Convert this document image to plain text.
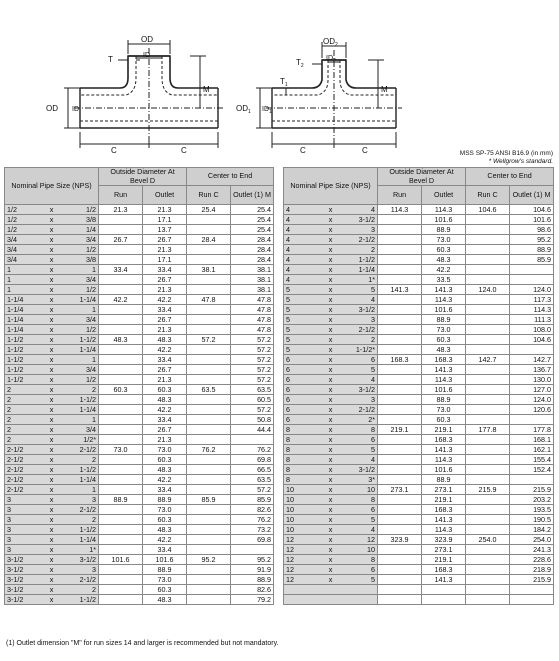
OD
ID
T
M
C	C
OD ID
$OD_2$
$ID_2$
$T_2$
$T_1$	M
C	C
$OD_1$ $ID_1$
MSS SP-75 ANSI B16.9 (in mm)
* Wellgrow's standard.
Nominal Pipe Size (NPS)			Outside Diameter At Bevel D		Center to End	
			Run	Outlet	Run C	Outlet (1) M
1/2	x	1/2	21.3	21.3	25.4	25.4
1/2	x	3/8		17.1		25.4
1/2	x	1/4		13.7		25.4
3/4	x	3/4	26.7	26.7	28.4	28.4
3/4	x	1/2		21.3		28.4
3/4	x	3/8		17.1		28.4
1	x	1	33.4	33.4	38.1	38.1
1	x	3/4		26.7		38.1
1	x	1/2		21.3		38.1
1-1/4	x	1-1/4	42.2	42.2	47.8	47.8
1-1/4	x	1		33.4		47.8
1-1/4	x	3/4		26.7		47.8
1-1/4	x	1/2		21.3		47.8
1-1/2	x	1-1/2	48.3	48.3	57.2	57.2
1-1/2	x	1-1/4		42.2		57.2
1-1/2	x	1		33.4		57.2
1-1/2	x	3/4		26.7		57.2
1-1/2	x	1/2		21.3		57.2
2	x	2	60.3	60.3	63.5	63.5
2	x	1-1/2		48.3		60.5
2	x	1-1/4		42.2		57.2
2	x	1		33.4		50.8
2	x	3/4		26.7		44.4
2	x	1/2*		21.3		
2-1/2	x	2-1/2	73.0	73.0	76.2	76.2
2-1/2	x	2		60.3		69.8
2-1/2	x	1-1/2		48.3		66.5
2-1/2	x	1-1/4		42.2		63.5
2-1/2	x	1		33.4		57.2
3	x	3	88.9	88.9	85.9	85.9
3	x	2-1/2		73.0		82.6
3	x	2		60.3		76.2
3	x	1-1/2		48.3		73.2
3	x	1-1/4		42.2		69.8
3	x	1*		33.4		
3-1/2	x	3-1/2	101.6	101.6	95.2	95.2
3-1/2	x	3		88.9		91.9
3-1/2	x	2-1/2		73.0		88.9
3-1/2	x	2		60.3		82.6
3-1/2	x	1-1/2		48.3		79.2
Nominal Pipe Size (NPS)			Outside Diameter At Bevel D		Center to End	
			Run	Outlet	Run C	Outlet (1) M
4	x	4	114.3	114.3	104.6	104.6
4	x	3-1/2		101.6		101.6
4	x	3		88.9		98.6
4	x	2-1/2		73.0		95.2
4	x	2		60.3		88.9
4	x	1-1/2		48.3		85.9
4	x	1-1/4		42.2		
4	x	1*		33.5		
5	x	5	141.3	141.3	124.0	124.0
5	x	4		114.3		117.3
5	x	3-1/2		101.6		114.3
5	x	3		88.9		111.3
5	x	2-1/2		73.0		108.0
5	x	2		60.3		104.6
5	x	1-1/2*		48.3		
6	x	6	168.3	168.3	142.7	142.7
6	x	5		141.3		136.7
6	x	4		114.3		130.0
6	x	3-1/2		101.6		127.0
6	x	3		88.9		124.0
6	x	2-1/2		73.0		120.6
6	x	2*		60.3		
8	x	8	219.1	219.1	177.8	177.8
8	x	6		168.3		168.1
8	x	5		141.3		162.1
8	x	4		114.3		155.4
8	x	3-1/2		101.6		152.4
8	x	3*		88.9		
10	x	10	273.1	273.1	215.9	215.9
10	x	8		219.1		203.2
10	x	6		168.3		193.5
10	x	5		141.3		190.5
10	x	4		114.3		184.2
12	x	12	323.9	323.9	254.0	254.0
12	x	10		273.1		241.3
12	x	8		219.1		228.6
12	x	6		168.3		218.9
12	x	5		141.3		215.9

(1) Outlet dimension "M" for run sizes 14 and larger is recommended but not mandatory.
